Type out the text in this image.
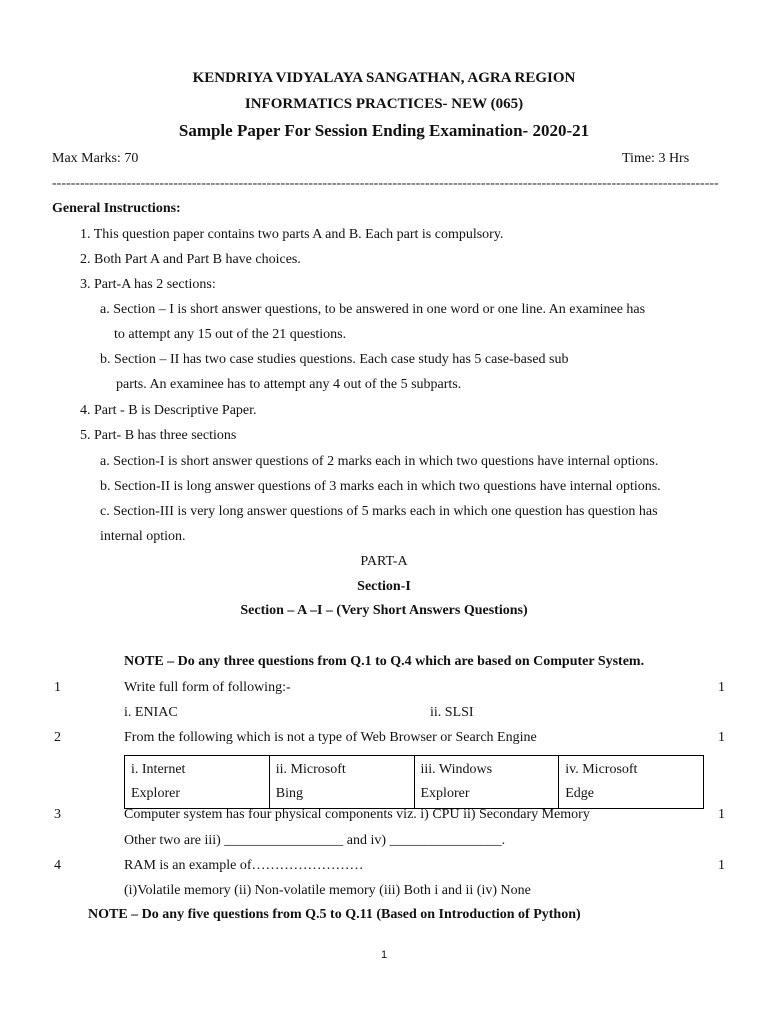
KENDRIYA VIDYALAYA SANGATHAN, AGRA REGION
INFORMATICS PRACTICES- NEW (065)
Sample Paper For Session Ending Examination- 2020-21
Max Marks: 70	Time: 3 Hrs
-----------------------------------------------------------------------------------------------------------------------------------------------
General Instructions:
1. This question paper contains two parts A and B. Each part is compulsory.
2. Both Part A and Part B have choices.
3. Part-A has 2 sections:
a. Section – I is short answer questions, to be answered in one word or one line. An examinee has
to attempt any 15 out of the 21 questions.
b. Section – II has two case studies questions. Each case study has 5 case-based sub
parts. An examinee has to attempt any 4 out of the 5 subparts.
4. Part - B is Descriptive Paper.
5. Part- B has three sections
a. Section-I is short answer questions of 2 marks each in which two questions have internal options.
b. Section-II is long answer questions of 3 marks each in which two questions have internal options.
c. Section-III is very long answer questions of 5 marks each in which one question has question has
internal option.
PART-A
Section-I
Section – A –I – (Very Short Answers Questions)
NOTE – Do any three questions from Q.1 to Q.4 which are based on Computer System.
1	Write full form of following:-	1
i. ENIAC	ii. SLSI
2	From the following which is not a type of Web Browser or Search Engine	1
i. Internet
Explorer

ii. Microsoft
Bing

iii. Windows
Explorer

iv. Microsoft
Edge
3	Computer system has four physical components viz. i) CPU ii) Secondary Memory	1
Other two are iii) _________________ and iv) ________________.
4	RAM is an example of……………………	1
(i)Volatile memory (ii) Non-volatile memory (iii) Both i and ii (iv) None
NOTE – Do any five questions from Q.5 to Q.11 (Based on Introduction of Python)
1
